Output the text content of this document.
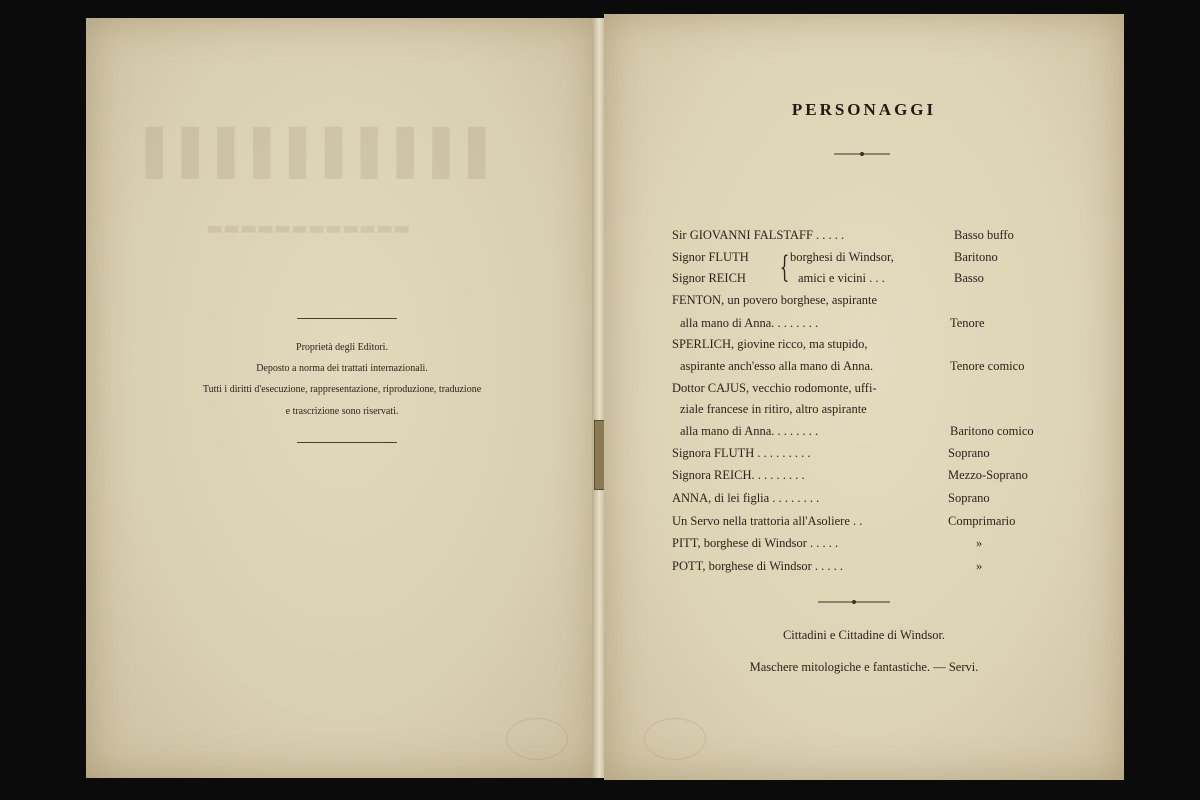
▌▌▌▌▌▌▌▌▌▌
▬▬▬▬▬▬▬▬▬▬▬▬
Proprietà degli Editori.
Deposto a norma dei trattati internazionali.
Tutti i diritti d'esecuzione, rappresentazione, riproduzione, traduzione
e trascrizione sono riservati.
PERSONAGGI
Sir GIOVANNI FALSTAFF . . . . .	Basso buffo
Signor FLUTH	borghesi di Windsor,	Baritono
Signor REICH	amici e vicini . . .	Basso
FENTON, un povero borghese, aspirante
alla mano di Anna. . . . . . . .	Tenore
SPERLICH, giovine ricco, ma stupido,
aspirante anch'esso alla mano di Anna.	Tenore comico
Dottor CAJUS, vecchio rodomonte, uffi-
ziale francese in ritiro, altro aspirante
alla mano di Anna. . . . . . . .	Baritono comico
Signora FLUTH . . . . . . . . .	Soprano
Signora REICH. . . . . . . . .	Mezzo-Soprano
ANNA, di lei figlia . . . . . . . .	Soprano
Un Servo nella trattoria all'Asoliere . .	Comprimario
PITT, borghese di Windsor . . . . .	»
POTT, borghese di Windsor . . . . .	»
{
Cittadini e Cittadine di Windsor.
Maschere mitologiche e fantastiche. — Servi.
